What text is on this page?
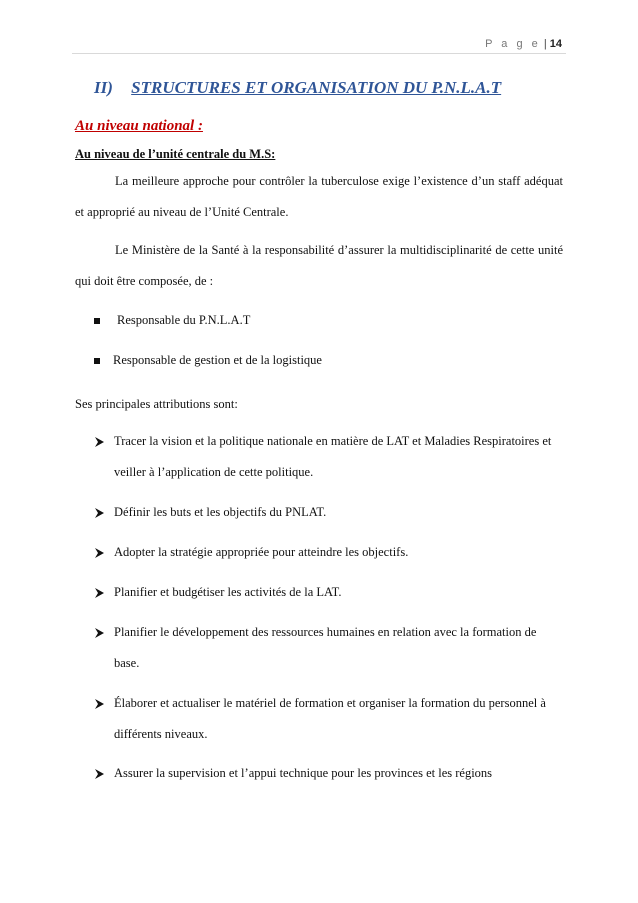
P a g e | 14
II) STRUCTURES ET ORGANISATION DU P.N.L.A.T
Au niveau national :
Au niveau de l’unité centrale du M.S:

La meilleure approche pour contrôler la tuberculose exige l’existence d’un staff adéquat et approprié au niveau de l’Unité Centrale.

Le Ministère de la Santé à la responsabilité d’assurer la multidisciplinarité de cette unité qui doit être composée, de :

Responsable du P.N.L.A.T
Responsable de gestion et de la logistique

Ses principales attributions sont:

Tracer la vision et la politique nationale en matière de LAT et Maladies Respiratoires et veiller à l’application de cette politique.
Définir les buts et les objectifs du PNLAT.
Adopter la stratégie appropriée pour atteindre les objectifs.
Planifier et budgétiser les activités de la LAT.
Planifier le développement des ressources humaines en relation avec la formation de base.
Élaborer et actualiser le matériel de formation et organiser la formation du personnel à différents niveaux.
Assurer la supervision et l’appui technique pour les provinces et les régions
